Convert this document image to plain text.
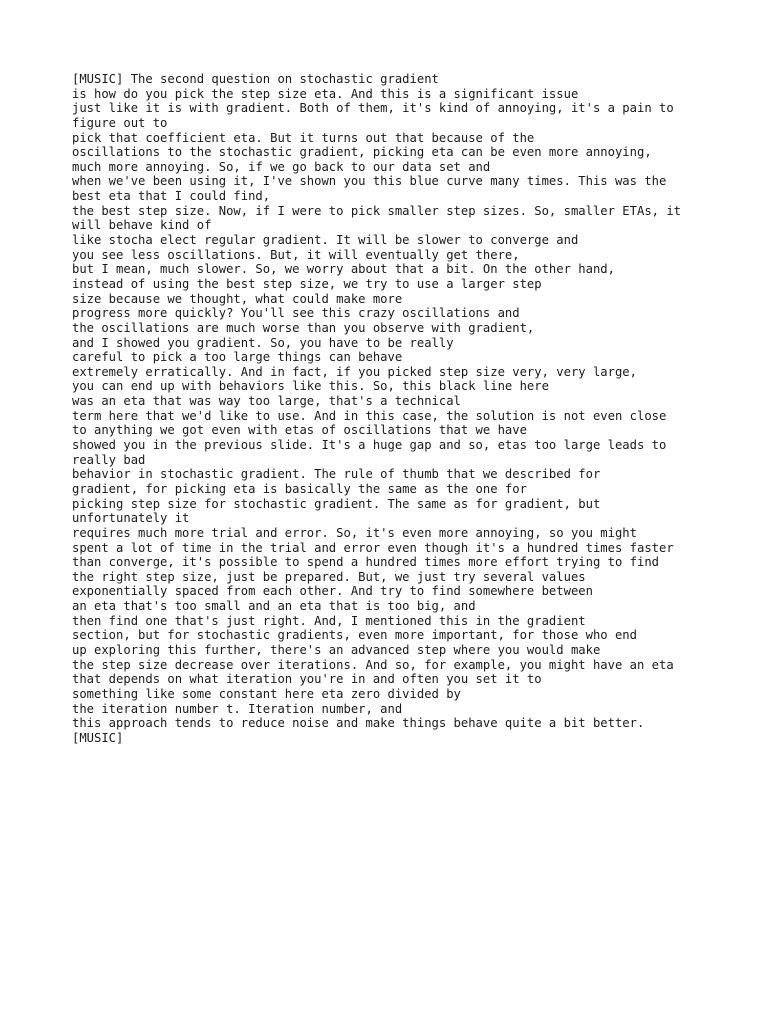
[MUSIC] The second question on stochastic gradient
is how do you pick the step size eta. And this is a significant issue
just like it is with gradient. Both of them, it's kind of annoying, it's a pain to
figure out to
pick that coefficient eta. But it turns out that because of the
oscillations to the stochastic gradient, picking eta can be even more annoying,
much more annoying. So, if we go back to our data set and
when we've been using it, I've shown you this blue curve many times. This was the
best eta that I could find,
the best step size. Now, if I were to pick smaller step sizes. So, smaller ETAs, it
will behave kind of
like stocha elect regular gradient. It will be slower to converge and
you see less oscillations. But, it will eventually get there,
but I mean, much slower. So, we worry about that a bit. On the other hand,
instead of using the best step size, we try to use a larger step
size because we thought, what could make more
progress more quickly? You'll see this crazy oscillations and
the oscillations are much worse than you observe with gradient,
and I showed you gradient. So, you have to be really
careful to pick a too large things can behave
extremely erratically. And in fact, if you picked step size very, very large,
you can end up with behaviors like this. So, this black line here
was an eta that was way too large, that's a technical
term here that we'd like to use. And in this case, the solution is not even close
to anything we got even with etas of oscillations that we have
showed you in the previous slide. It's a huge gap and so, etas too large leads to
really bad
behavior in stochastic gradient. The rule of thumb that we described for
gradient, for picking eta is basically the same as the one for
picking step size for stochastic gradient. The same as for gradient, but
unfortunately it
requires much more trial and error. So, it's even more annoying, so you might
spent a lot of time in the trial and error even though it's a hundred times faster
than converge, it's possible to spend a hundred times more effort trying to find
the right step size, just be prepared. But, we just try several values
exponentially spaced from each other. And try to find somewhere between
an eta that's too small and an eta that is too big, and
then find one that's just right. And, I mentioned this in the gradient
section, but for stochastic gradients, even more important, for those who end
up exploring this further, there's an advanced step where you would make
the step size decrease over iterations. And so, for example, you might have an eta
that depends on what iteration you're in and often you set it to
something like some constant here eta zero divided by
the iteration number t. Iteration number, and
this approach tends to reduce noise and make things behave quite a bit better.
[MUSIC]
